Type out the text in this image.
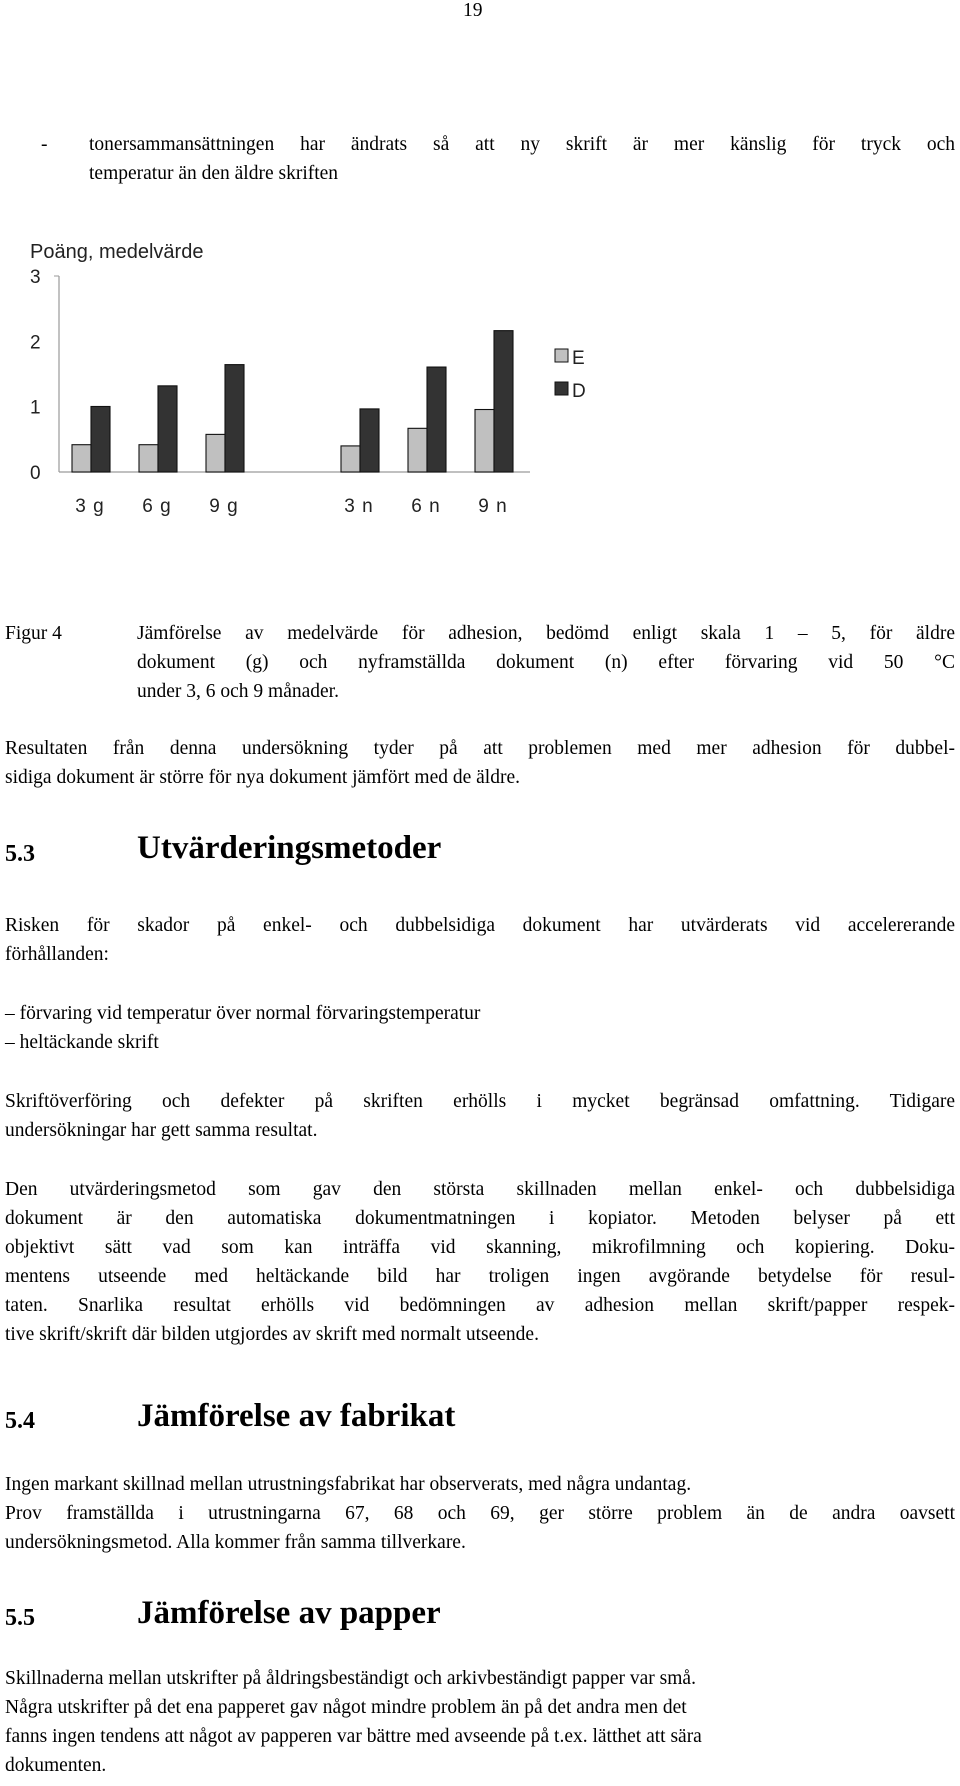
19
- tonersammansättningen har ändrats så att ny skrift är mer känslig för tryck och
temperatur än den äldre skriften
Poäng, medelvärde
0
1
2
3
3 g 6 g 9 g	3 n 6 n 9 n
E
D
Figur 4	Jämförelse av medelvärde för adhesion, bedömd enligt skala 1 – 5, för äldre
dokument (g) och nyframställda dokument (n) efter förvaring vid 50 °C
under 3, 6 och 9 månader.
Resultaten från denna undersökning tyder på att problemen med mer adhesion för dubbel-
sidiga dokument är större för nya dokument jämfört med de äldre.
5.3	Utvärderingsmetoder
Risken för skador på enkel- och dubbelsidiga dokument har utvärderats vid accelererande
förhållanden:
– förvaring vid temperatur över normal förvaringstemperatur
– heltäckande skrift
Skriftöverföring och defekter på skriften erhölls i mycket begränsad omfattning. Tidigare
undersökningar har gett samma resultat.
Den utvärderingsmetod som gav den största skillnaden mellan enkel- och dubbelsidiga
dokument är den automatiska dokumentmatningen i kopiator. Metoden belyser på ett
objektivt sätt vad som kan inträffa vid skanning, mikrofilmning och kopiering. Doku-
mentens utseende med heltäckande bild har troligen ingen avgörande betydelse för resul-
taten. Snarlika resultat erhölls vid bedömningen av adhesion mellan skrift/papper respek-
tive skrift/skrift där bilden utgjordes av skrift med normalt utseende.
5.4	Jämförelse av fabrikat
Ingen markant skillnad mellan utrustningsfabrikat har observerats, med några undantag.
Prov framställda i utrustningarna 67, 68 och 69, ger större problem än de andra oavsett
undersökningsmetod. Alla kommer från samma tillverkare.
5.5	Jämförelse av papper
Skillnaderna mellan utskrifter på åldringsbeständigt och arkivbeständigt papper var små.
Några utskrifter på det ena papperet gav något mindre problem än på det andra men det
fanns ingen tendens att något av papperen var bättre med avseende på t.ex. lätthet att sära
dokumenten.
